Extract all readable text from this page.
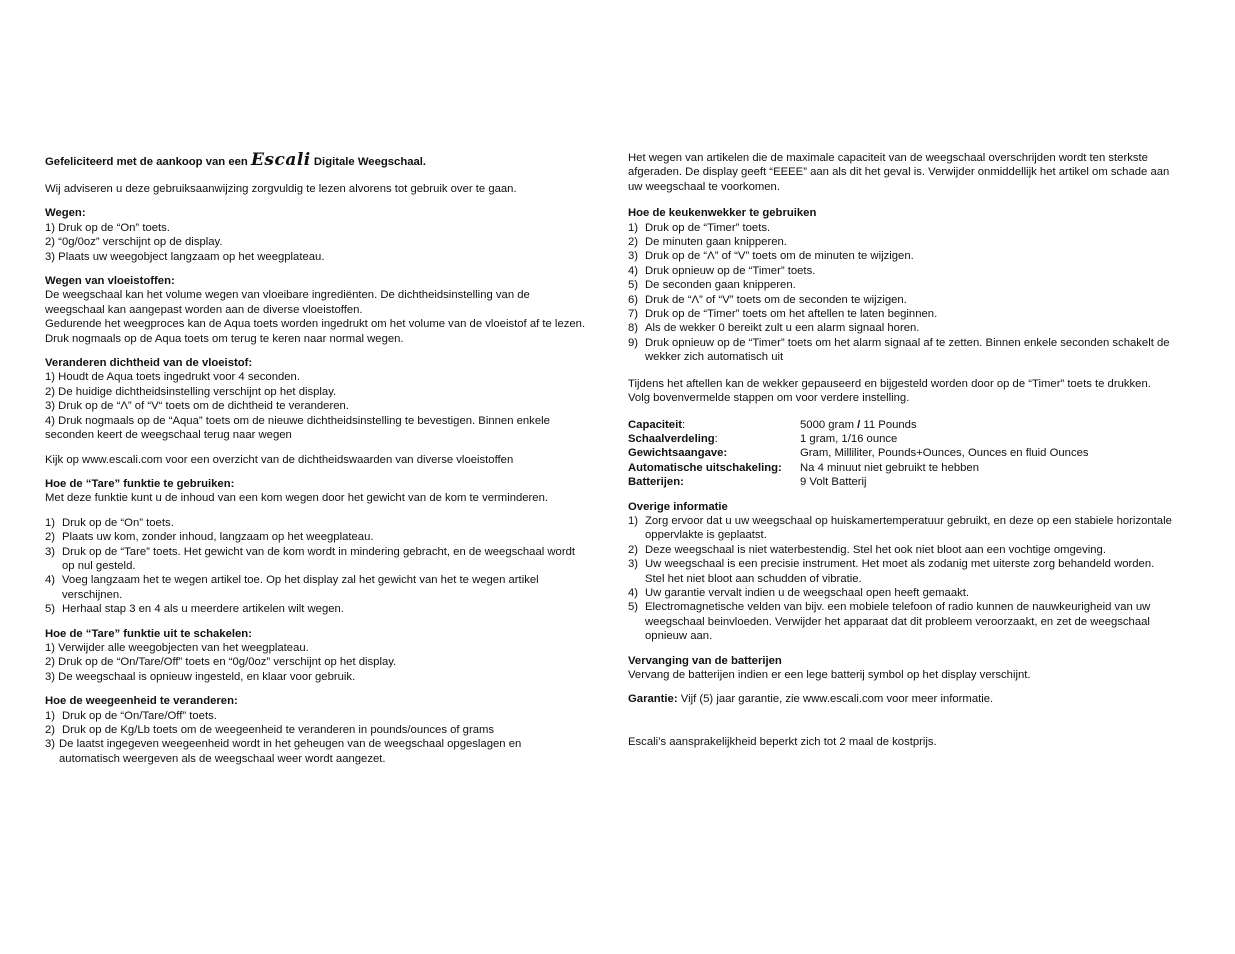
Gefeliciteerd met de aankoop van een Escali Digitale Weegschaal.

Wij adviseren u deze gebruiksaanwijzing zorgvuldig te lezen alvorens tot gebruik over te gaan.

Wegen:

1) Druk op de “On” toets.

2) “0g/0oz” verschijnt op de display.

3) Plaats uw weegobject langzaam op het weegplateau.

Wegen van vloeistoffen:

De weegschaal kan het volume wegen van vloeibare ingrediënten. De dichtheidsinstelling van de weegschaal kan aangepast worden aan de diverse vloeistoffen.

Gedurende het weegproces kan de Aqua toets worden ingedrukt om het volume van de vloeistof af te lezen. Druk nogmaals op de Aqua toets om terug te keren naar normal wegen.

Veranderen dichtheid van de vloeistof:

1) Houdt de Aqua toets ingedrukt voor 4 seconden.

2) De huidige dichtheidsinstelling verschijnt op het display.

3) Druk op de “Λ” of “V“ toets om de dichtheid te veranderen.

4) Druk nogmaals op de “Aqua” toets om de nieuwe dichtheidsinstelling te bevestigen. Binnen enkele seconden keert de weegschaal terug naar wegen

Kijk op www.escali.com voor een overzicht van de dichtheidswaarden van diverse vloeistoffen

Hoe de “Tare” funktie te gebruiken:

Met deze funktie kunt u de inhoud van een kom wegen door het gewicht van de kom te verminderen.

1) Druk op de “On” toets.
2) Plaats uw kom, zonder inhoud, langzaam op het weegplateau.
3) Druk op de “Tare” toets. Het gewicht van de kom wordt in mindering gebracht, en de weegschaal wordt op nul gesteld.
4) Voeg langzaam het te wegen artikel toe. Op het display zal het gewicht van het te wegen artikel verschijnen.
5) Herhaal stap 3 en 4 als u meerdere artikelen wilt wegen.

Hoe de “Tare” funktie uit te schakelen:

1) Verwijder alle weegobjecten van het weegplateau.

2) Druk op de “On/Tare/Off” toets en “0g/0oz” verschijnt op het display.

3) De weegschaal is opnieuw ingesteld, en klaar voor gebruik.

Hoe de weegeenheid te veranderen:

1) Druk op de “On/Tare/Off” toets.
2) Druk op de Kg/Lb toets om de weegeenheid te veranderen in pounds/ounces of grams
3) De laatst ingegeven weegeenheid wordt in het geheugen van de weegschaal opgeslagen en automatisch weergeven als de weegschaal weer wordt aangezet.

Het wegen van artikelen die de maximale capaciteit van de weegschaal overschrijden wordt ten sterkste afgeraden. De display geeft “EEEE” aan als dit het geval is. Verwijder onmiddellijk het artikel om schade aan uw weegschaal te voorkomen.

Hoe de keukenwekker te gebruiken

1) Druk op de “Timer” toets.
2) De minuten gaan knipperen.
3) Druk op de “Λ” of “V” toets om de minuten te wijzigen.
4) Druk opnieuw op de “Timer” toets.
5) De seconden gaan knipperen.
6) Druk de “Λ” of “V” toets om de seconden te wijzigen.
7) Druk op de “Timer” toets om het aftellen te laten beginnen.
8) Als de wekker 0 bereikt zult u een alarm signaal horen.
9) Druk opnieuw op de “Timer” toets om het alarm signaal af te zetten. Binnen enkele seconden schakelt de wekker zich automatisch uit

Tijdens het aftellen kan de wekker gepauseerd en bijgesteld worden door op de “Timer” toets te drukken. Volg bovenvermelde stappen om voor verdere instelling.

Capaciteit:	5000 gram / 11 Pounds
Schaalverdeling:	1 gram, 1/16 ounce
Gewichtsaangave:	Gram, Milliliter, Pounds+Ounces, Ounces en fluid Ounces
Automatische uitschakeling:	Na 4 minuut niet gebruikt te hebben
Batterijen:	9 Volt Batterij

Overige informatie

1) Zorg ervoor dat u uw weegschaal op huiskamertemperatuur gebruikt, en deze op een stabiele horizontale oppervlakte is geplaatst.
2) Deze weegschaal is niet waterbestendig. Stel het ook niet bloot aan een vochtige omgeving.
3) Uw weegschaal is een precisie instrument. Het moet als zodanig met uiterste zorg behandeld worden. Stel het niet bloot aan schudden of vibratie.
4) Uw garantie vervalt indien u de weegschaal open heeft gemaakt.
5) Electromagnetische velden van bijv. een mobiele telefoon of radio kunnen de nauwkeurigheid van uw weegschaal beinvloeden. Verwijder het apparaat dat dit probleem veroorzaakt, en zet de weegschaal opnieuw aan.

Vervanging van de batterijen

Vervang de batterijen indien er een lege batterij symbol op het display verschijnt.

Garantie: Vijf (5) jaar garantie, zie www.escali.com voor meer informatie.

Escali’s aansprakelijkheid beperkt zich tot 2 maal de kostprijs.
